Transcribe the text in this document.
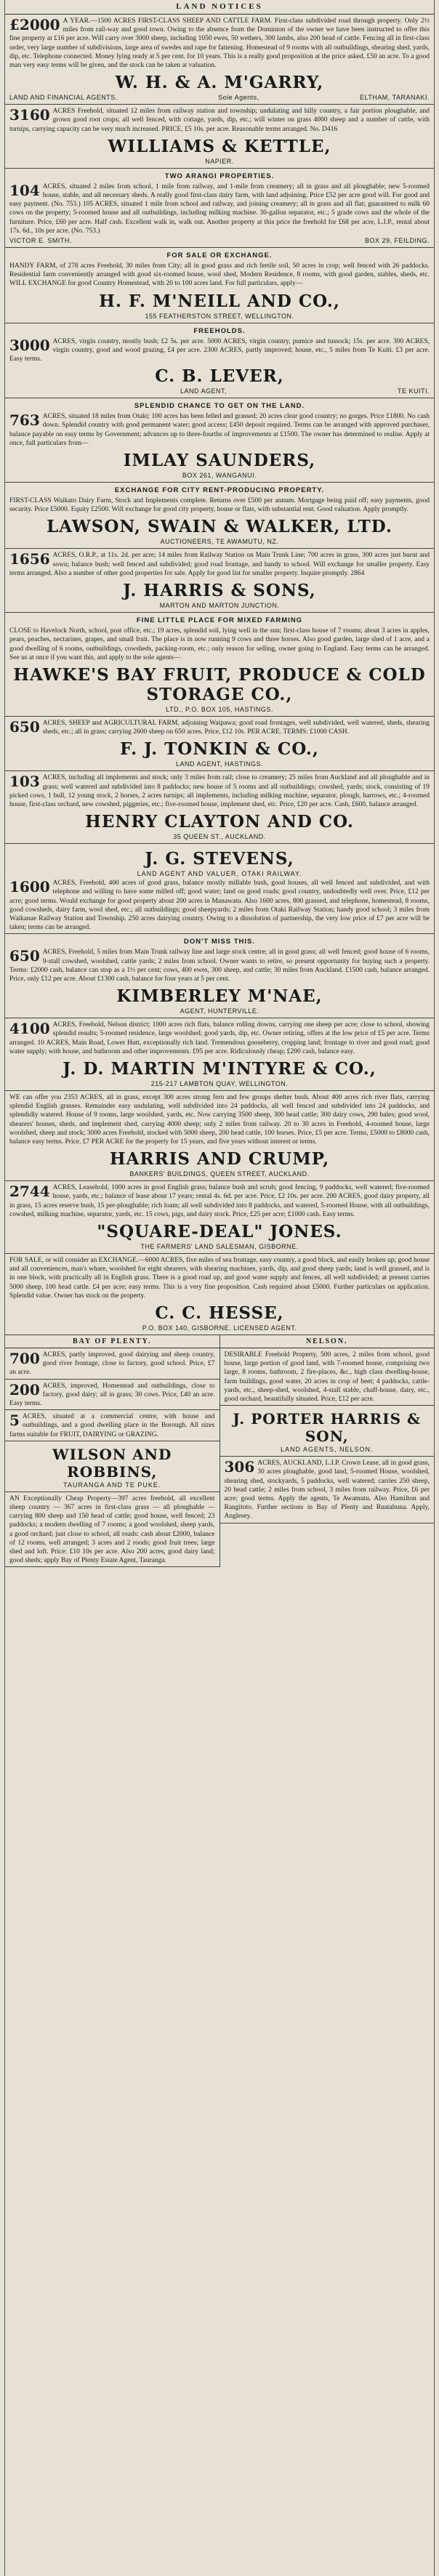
LAND NOTICES
£2000 A YEAR.—1500 ACRES FIRST-CLASS SHEEP AND CATTLE FARM. First-class subdivided road through property. Only 2½ miles from rail-way and good town. Owing to the absence from the Dominion of the owner we have been instructed to offer this fine property at £16 per acre. Will carry over 3000 sheep, including 1050 ewes, 50 wethers, 300 lambs, also 200 head of cattle. Fencing all in first-class order, very large number of subdivisions, large area of swedes and rape for fattening. Homestead of 9 rooms with all outbuildings, shearing shed, yards, dip, etc. Telephone connected. Money lying ready at 5 per cent. for 10 years. This is a really good proposition at the price asked, £50 an acre. To a good man very easy terms will be given, and the stock can be taken at valuation.
W. H. & A. M'GARRY,
LAND AND FINANCIAL AGENTS.	Sole Agents,	ELTHAM, TARANAKI.
3160 ACRES Freehold, situated 12 miles from railway station and township; undulating and hilly country, a fair portion ploughable, and grown good root crops; all well fenced, with cottage, yards, dip, etc.; will winter on grass 4000 sheep and a number of cattle, with turnips, carrying capacity can be very much increased. PRICE, £5 10s. per acre. Reasonable terms arranged. No. D416
WILLIAMS & KETTLE,
NAPIER.
TWO ARANGI PROPERTIES.
104 ACRES, situated 2 miles from school, 1 mile from railway, and 1-mile from creamery; all in grass and all ploughable; new 5-roomed house, stable, and all necessary sheds. A really good first-class dairy farm, with land adjoining. Price £52 per acre good will. For good and easy payment. (No. 753.) 105 ACRES, situated 1 mile from school and railway, and joining creamery; all in grass and all flat; guaranteed to milk 60 cows on the property; 5-roomed house and all outbuildings, including milking machine. 30-gallon separator, etc.; 5 grade cows and the whole of the furniture. Price, £60 per acre. Half cash. Excellent walk in, walk out. Another property at this price the freehold for £68 per acre, L.I.P., rental about 17s. 6d., 10s per acre. (No. 753.)
VICTOR E. SMITH.	BOX 29, FEILDING.
FOR SALE OR EXCHANGE.
HANDY FARM, of 278 acres Freehold, 30 miles from City; all in good grass and rich fertile soil, 50 acres in crop; well fenced with 26 paddocks. Residential farm conveniently arranged with good six-roomed house, wool shed, Modern Residence, 8 rooms, with good garden, stables, sheds, etc. WILL EXCHANGE for good Country Homestead, with 20 to 100 acres land. For full particulars, apply—
H. F. M'NEILL AND CO.,
155 FEATHERSTON STREET, WELLINGTON.
FREEHOLDS.
3000 ACRES, virgin country, mostly bush; £2 5s. per acre. 5000 ACRES, virgin country, pumice and tussock; 15s. per acre. 300 ACRES, virgin country, good and wood grazing, £4 per acre. 2300 ACRES, partly improved; house, etc., 5 miles from Te Kuiti. £3 per acre. Easy terms.
C. B. LEVER,
LAND AGENT,	TE KUITI.
SPLENDID CHANCE TO GET ON THE LAND.
763 ACRES, situated 18 miles from Otaki; 100 acres has been felled and grassed; 20 acres clear good country; no gorges. Price £1800. No cash down. Splendid country with good permanent water; good access; £450 deposit required. Terms can be arranged with approved purchaser, balance payable on easy terms by Government; advances up to three-fourths of improvements at £1500. The owner has determined to realise. Apply at once, full particulars from—
IMLAY SAUNDERS,
BOX 261, WANGANUI.
EXCHANGE FOR CITY RENT-PRODUCING PROPERTY.
FIRST-CLASS Waikato Dairy Farm, Stock and Implements complete. Returns over £500 per annum. Mortgage being paid off; easy payments, good security. Price £5000. Equity £2500. Will exchange for good city property, house or flats, with substantial rent. Good valuation. Apply promptly.
LAWSON, SWAIN & WALKER, LTD.
AUCTIONEERS, TE AWAMUTU, NZ.
1656 ACRES, O.R.P., at 11s. 2d. per acre; 14 miles from Railway Station on Main Trunk Line; 700 acres in grass, 300 acres just burnt and sown; balance bush; well fenced and subdivided; good road frontage, and handy to school. Will exchange for smaller property. Easy terms arranged. Also a number of other good properties for sale. Apply for good list for smaller property. Inquire promptly. 2864
J. HARRIS & SONS,
MARTON AND MARTON JUNCTION.
FINE LITTLE PLACE FOR MIXED FARMING
CLOSE to Havelock North, school, post office, etc.; 19 acres, splendid soil, lying well in the sun; first-class house of 7 rooms; about 3 acres in apples, pears, peaches, nectarines, grapes, and small fruit. The place is in now running 9 cows and three horses. Also good garden, large shed of 1 acre, and a good dwelling of 6 rooms, outbuildings, cowsheds, packing-room, etc.; only reason for selling, owner going to England. Easy terms can be arranged. See us at once if you want this, and apply to the sole agents—
HAWKE'S BAY FRUIT, PRODUCE & COLD STORAGE CO.,
LTD., P.O. BOX 105, HASTINGS.
650 ACRES, SHEEP and AGRICULTURAL FARM, adjoining Waipawa; good road frontages, well subdivided, well watered, sheds, shearing sheds, etc.; all in grass; carrying 2600 sheep on 650 acres. Price, £12 10s. PER ACRE. TERMS: £1000 CASH.
F. J. TONKIN & CO.,
LAND AGENT, HASTINGS.
103 ACRES, including all implements and stock; only 3 miles from rail; close to creamery; 25 miles from Auckland and all ploughable and in grass; well watered and subdivided into 8 paddocks; new house of 5 rooms and all outbuildings; cowshed, yards; stock, consisting of 19 picked cows, 1 bull, 12 young stock, 2 horses, 2 acres turnips; all implements, including milking machine, separator, plough, harrows, etc.; 4-roomed house, first-class orchard, new cowshed, piggeries, etc.; five-roomed house, implement shed, etc. Price, £20 per acre. Cash, £600, balance arranged.
HENRY CLAYTON AND CO.
35 QUEEN ST., AUCKLAND.
J. G. STEVENS,
LAND AGENT AND VALUER, OTAKI RAILWAY.
1600 ACRES, Freehold, 400 acres of good grass, balance mostly millable bush, good houses, all well fenced and subdivided, and with telephone and willing to have some milled off; good water; land on good roads; good country, undoubtedly well over. Price, £12 per acre; good terms. Would exchange for good property about 200 acres in Manawatu. Also 1600 acres, 800 grassed, and telephone, homestead, 8 rooms, good cowsheds, dairy farm, wool shed, etc.; all outbuildings; good sheepyards; 2 miles from Otaki Railway Station; handy good school; 3 miles from Waikanae Railway Station and Township. 250 acres dairying country. Owing to a dissolution of partnership, the very low price of £7 per acre will be taken; terms can be arranged.
DON'T MISS THIS.
650 ACRES, Freehold, 5 miles from Main Trunk railway line and large stock centre; all in good grass; all well fenced; good house of 6 rooms, 9-stall cowshed, woolshed, cattle yards; 2 miles from school. Owner wants to retire, so present opportunity for buying such a property. Terms: £2000 cash, balance can stop as a 1½ per cent; cows, 400 ewes, 300 sheep, and cattle; 30 miles from Auckland. £1500 cash, balance arranged. Price, only £12 per acre. About £1300 cash, balance for four years at 5 per cent.
KIMBERLEY M'NAE,
AGENT, HUNTERVILLE.
4100 ACRES, Freehold, Nelson district; 1000 acres rich flats, balance rolling downs, carrying one sheep per acre; close to school, showing splendid results; 5-roomed residence, large woolshed; good yards, dip, etc. Owner retiring, offers at the low price of £5 per acre. Terms arranged. 10 ACRES, Main Road, Lower Hutt, exceptionally rich land. Tremendous gooseberry, cropping land; frontage to river and good road; good water supply; with house, and bathroom and other improvements. £95 per acre. Ridiculously cheap; £200 cash, balance easy.
J. D. MARTIN M'INTYRE & CO.,
215-217 LAMBTON QUAY, WELLINGTON.
WE can offer you 2353 ACRES, all in grass, except 300 acres strong fern and few groups shelter bush. About 400 acres rich river flats, carrying splendid English grasses. Remainder easy undulating, well subdivided into 24 paddocks, all well fenced and subdivided into 24 paddocks, and splendidly watered. House of 9 rooms, large woolshed, yards, etc. Now carrying 3500 sheep, 300 head cattle; 300 dairy cows, 290 bales; good wool, shearers' houses, sheds, and implement shed, carrying 4000 sheep; only 2 miles from railway. 20 to 30 acres in Freehold, 4-roomed house, large woolshed, sheep and stock; 3000 acres Freehold, stocked with 5000 sheep, 200 head cattle, 100 horses. Price, £5 per acre. Terms, £5000 to £8000 cash, balance easy terms. Price, £7 PER ACRE for the property for 15 years, and five years without interest or terms.
HARRIS AND CRUMP,
BANKERS' BUILDINGS, QUEEN STREET, AUCKLAND.
2744 ACRES, Leasehold, 1000 acres in good English grass; balance bush and scrub; good fencing, 9 paddocks, well watered; five-roomed house, yards, etc.; balance of lease about 17 years; rental 4s. 6d. per acre. Price, £2 10s. per acre. 200 ACRES, good dairy property, all in grass, 15 acres reserve bush, 15 per-ploughable; rich loam; all well subdivided into 8 paddocks, and watered, 5-roomed House, with all outbuildings, cowshed, milking machine, separator, yards, etc. 15 cows, pigs, and dairy stock. Price, £25 per acre; £1000 cash. Easy terms.
"SQUARE-DEAL" JONES.
THE FARMERS' LAND SALESMAN, GISBORNE.
FOR SALE, or will consider an EXCHANGE.—6000 ACRES, five miles of sea frontage, easy country, a good block, and easily broken up; good house and all conveniences, man's whare, woolshed for eight shearers, with shearing machines, yards, dip, and good sheep yards; land is well grassed, and is in one block, with practically all in English grass. There is a good road up, and good water supply and fences, all well subdivided; at present carries 5000 sheep, 100 head cattle. £4 per acre; easy terms. This is a very fine proposition. Cash required about £5000. Further particulars on application. Splendid value. Owner has stock on the property.
C. C. HESSE,
P.O. BOX 140, GISBORNE. LICENSED AGENT.
BAY OF PLENTY.
700 ACRES, partly improved, good dairying and sheep country, good river frontage, close to factory, good school. Price, £7 an acre.
200 ACRES, improved, Homestead and outbuildings, close to factory, good dairy; all in grass; 30 cows. Price, £40 an acre. Easy terms.
5 ACRES, situated at a commercial centre, with house and outbuildings, and a good dwelling place in the Borough. All sizes farms suitable for FRUIT, DAIRYING or GRAZING.
WILSON AND ROBBINS,
TAURANGA AND TE PUKE.
AN Exceptionally Cheap Property—397 acres freehold, all excellent sheep country — 367 acres in first-class grass — all ploughable — carrying 800 sheep and 150 head of cattle; good house, well fenced; 23 paddocks; a modern dwelling of 7 rooms; a good woolshed, sheep yards, a good orchard; just close to school, all roads: cash about £2000, balance of 12 rooms, well arranged; 3 acres and 2 roods; good fruit trees; large shed and loft. Price: £10 10s per acre. Also 200 acres, good dairy land; good sheds; apply Bay of Plenty Estate Agent, Tauranga.
NELSON.
DESIRABLE Freehold Property, 500 acres, 2 miles from school, good house, large portion of good land, with 7-roomed house, comprising two large, 8 rooms, bathroom, 2 fire-places, &c., high class dwelling-house, farm buildings, good water, 20 acres in crop of beet; 4 paddocks, cattle-yards, etc., sheep-shed, woolshed, 4-stall stable, chaff-house, dairy, etc., good orchard, beautifully situated. Price, £12 per acre.
J. PORTER HARRIS & SON,
LAND AGENTS, NELSON.
306 ACRES, AUCKLAND, L.I.P. Crown Lease, all in good grass, 30 acres ploughable, good land, 5-roomed House, woolshed, shearing shed, stockyards, 5 paddocks, well watered; carries 250 sheep, 20 head cattle; 2 miles from school, 3 miles from railway. Price, £6 per acre; good terms. Apply the agents, Te Awamutu. Also Hamilton and Rangitoto. Further sections in Bay of Plenty and Ruatahuna. Apply, Anglesey.
